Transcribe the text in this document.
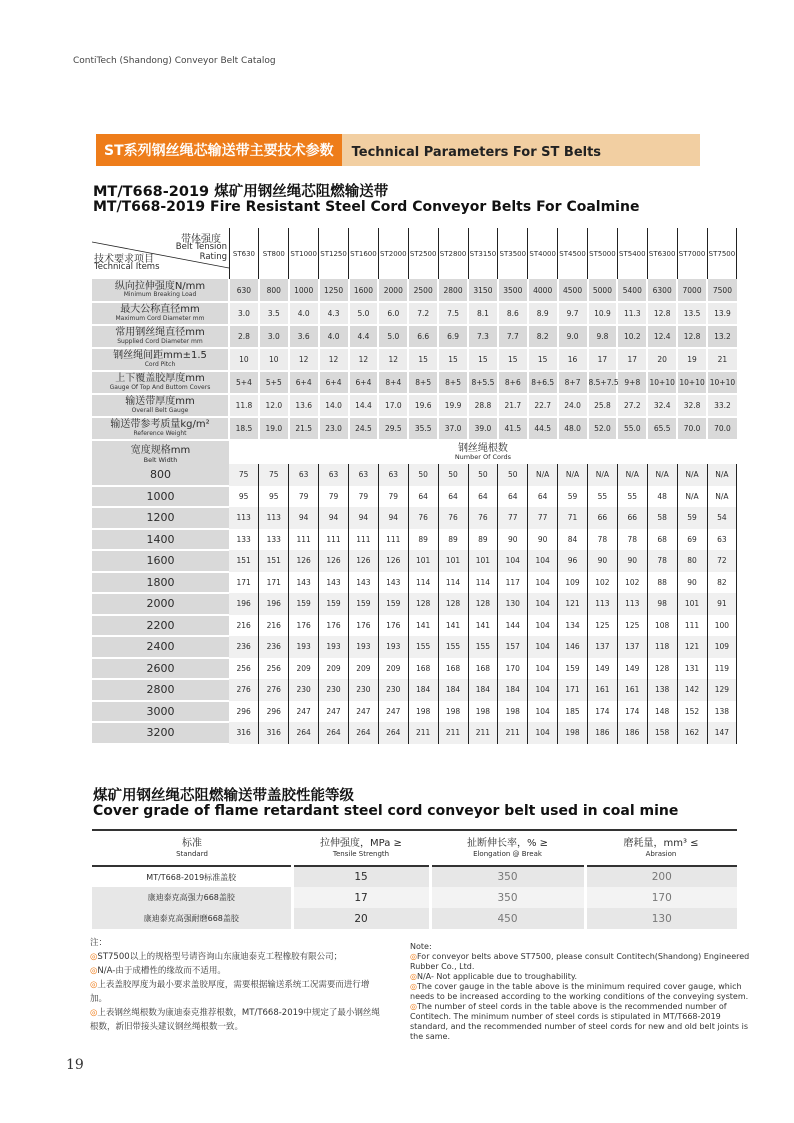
ContiTech (Shandong) Conveyor Belt Catalog
ST系列钢丝绳芯输送带主要技术参数	Technical Parameters For ST Belts
MT/T668-2019 煤矿用钢丝绳芯阻燃输送带
MT/T668-2019 Fire Resistant Steel Cord Conveyor Belts For Coalmine
带体强度
Belt Tension
Rating
技术要求项目
Technical Items	ST630	ST800	ST1000	ST1250	ST1600	ST2000	ST2500	ST2800	ST3150	ST3500	ST4000	ST4500	ST5000	ST5400	ST6300	ST7000	ST7500

纵向拉伸强度N/mm
Minimum Breaking Load	630	800	1000	1250	1600	2000	2500	2800	3150	3500	4000	4500	5000	5400	6300	7000	7500

最大公称直径mm
Maximum Cord Diameter mm	3.0	3.5	4.0	4.3	5.0	6.0	7.2	7.5	8.1	8.6	8.9	9.7	10.9	11.3	12.8	13.5	13.9

常用钢丝绳直径mm
Supplied Cord Diameter mm	2.8	3.0	3.6	4.0	4.4	5.0	6.6	6.9	7.3	7.7	8.2	9.0	9.8	10.2	12.4	12.8	13.2

钢丝绳间距mm±1.5
Cord Pitch	10	10	12	12	12	12	15	15	15	15	15	16	17	17	20	19	21

上下覆盖胶厚度mm
Gauge Of Top And Buttom Covers	5+4	5+5	6+4	6+4	6+4	8+4	8+5	8+5	8+5.5	8+6	8+6.5	8+7	8.5+7.5	9+8	10+10	10+10	10+10

输送带厚度mm
Overall Belt Gauge	11.8	12.0	13.6	14.0	14.4	17.0	19.6	19.9	28.8	21.7	22.7	24.0	25.8	27.2	32.4	32.8	33.2

输送带参考质量kg/m²
Reference Weight	18.5	19.0	21.5	23.0	24.5	29.5	35.5	37.0	39.0	41.5	44.5	48.0	52.0	55.0	65.5	70.0	70.0

宽度规格mm
Belt Width	钢丝绳根数
Number Of Cords																

800	75	75	63	63	63	63	50	50	50	50	N/A	N/A	N/A	N/A	N/A	N/A	N/A
1000	95	95	79	79	79	79	64	64	64	64	64	59	55	55	48	N/A	N/A
1200	113	113	94	94	94	94	76	76	76	77	77	71	66	66	58	59	54
1400	133	133	111	111	111	111	89	89	89	90	90	84	78	78	68	69	63
1600	151	151	126	126	126	126	101	101	101	104	104	96	90	90	78	80	72
1800	171	171	143	143	143	143	114	114	114	117	104	109	102	102	88	90	82
2000	196	196	159	159	159	159	128	128	128	130	104	121	113	113	98	101	91
2200	216	216	176	176	176	176	141	141	141	144	104	134	125	125	108	111	100
2400	236	236	193	193	193	193	155	155	155	157	104	146	137	137	118	121	109
2600	256	256	209	209	209	209	168	168	168	170	104	159	149	149	128	131	119
2800	276	276	230	230	230	230	184	184	184	184	104	171	161	161	138	142	129
3000	296	296	247	247	247	247	198	198	198	198	104	185	174	174	148	152	138
3200	316	316	264	264	264	264	211	211	211	211	104	198	186	186	158	162	147
煤矿用钢丝绳芯阻燃输送带盖胶性能等级
Cover grade of flame retardant steel cord conveyor belt used in coal mine
标准
Standard	拉伸强度，MPa ≥
Tensile Strength	扯断伸长率，% ≥
Elongation @ Break	磨耗量，mm³ ≤
Abrasion

MT/T668-2019标准盖胶	15	350	200
康迪泰克高强力668盖胶	17	350	170
康迪泰克高强耐磨668盖胶	20	450	130
注：
◎ST7500以上的规格型号请咨询山东康迪泰克工程橡胶有限公司；
◎N/A-由于成槽性的缘故而不适用。
◎上表盖胶厚度为最小要求盖胶厚度，需要根据输送系统工况需要而进行增加。
◎上表钢丝绳根数为康迪泰克推荐根数，MT/T668-2019中规定了最小钢丝绳根数，新旧带接头建议钢丝绳根数一致。
Note:
◎For conveyor belts above ST7500, please consult Contitech(Shandong) Engineered Rubber Co., Ltd.
◎N/A- Not applicable due to troughability.
◎The cover gauge in the table above is the minimum required cover gauge, which needs to be increased according to the working conditions of the conveying system.
◎The number of steel cords in the table above is the recommended number of Contitech. The minimum number of steel cords is stipulated in MT/T668-2019 standard, and the recommended number of steel cords for new and old belt joints is the same.
19
